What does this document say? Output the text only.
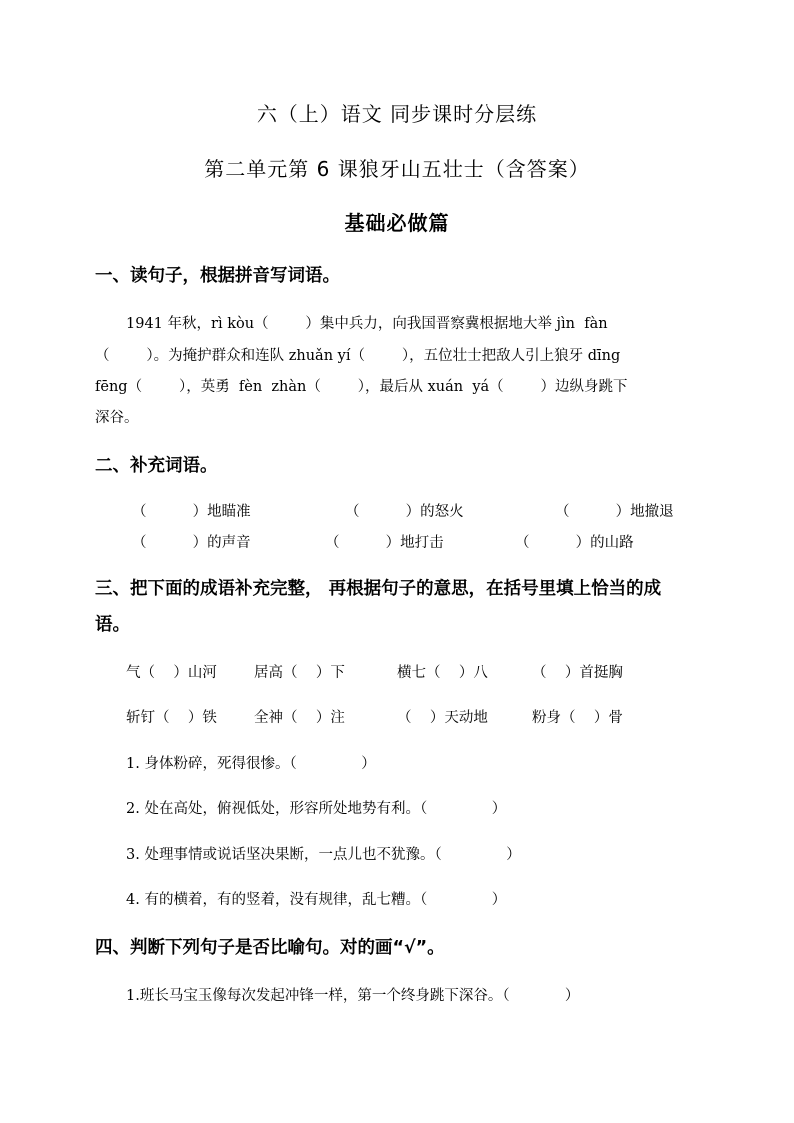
六（上）语文 同步课时分层练
第二单元第 6 课狼牙山五壮士（含答案）
基础必做篇
一、读句子，根据拼音写词语。
1941 年秋，rì kòu（        ）集中兵力，向我国晋察冀根据地大举 jìn  fàn
（        ）。为掩护群众和连队 zhuǎn yí（        ），五位壮士把敌人引上狼牙 dīng
fēng（        ），英勇  fèn  zhàn（        ），最后从 xuán  yá（        ）边纵身跳下
深谷。
二、补充词语。
（          ）地瞄准	（          ）的怒火	（          ）地撤退
（          ）的声音	（          ）地打击	（          ）的山路
三、把下面的成语补充完整， 再根据句子的意思，在括号里填上恰当的成
语。
气（    ）山河	居高（    ）下	横七（    ）八	（    ）首挺胸
斩钉（    ）铁	全神（    ）注	（    ）天动地	粉身（    ）骨
1. 身体粉碎，死得很惨。（              ）
2. 处在高处，俯视低处，形容所处地势有利。（              ）
3. 处理事情或说话坚决果断，一点儿也不犹豫。（              ）
4. 有的横着，有的竖着，没有规律，乱七糟。（              ）
四、判断下列句子是否比喻句。对的画“√”。
1.班长马宝玉像每次发起冲锋一样，第一个终身跳下深谷。（            ）
